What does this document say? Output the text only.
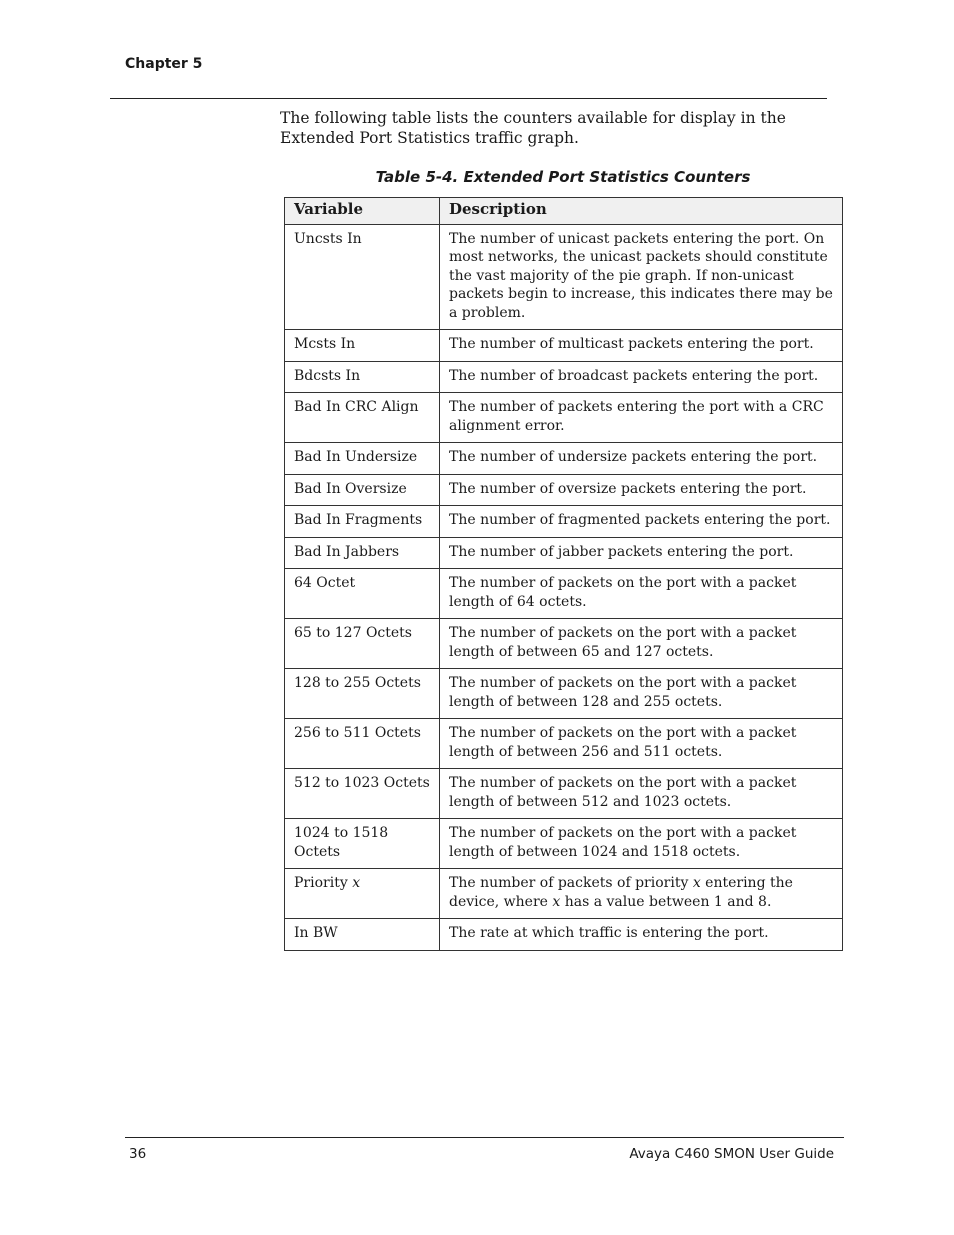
Chapter 5

The following table lists the counters available for display in the Extended Port Statistics traffic graph.

Table 5-4. Extended Port Statistics Counters
Variable	Description
Uncsts In	The number of unicast packets entering the port. On most networks, the unicast packets should constitute the vast majority of the pie graph. If non-unicast packets begin to increase, this indicates there may be a problem.
Mcsts In	The number of multicast packets entering the port.
Bdcsts In	The number of broadcast packets entering the port.
Bad In CRC Align	The number of packets entering the port with a CRC alignment error.
Bad In Undersize	The number of undersize packets entering the port.
Bad In Oversize	The number of oversize packets entering the port.
Bad In Fragments	The number of fragmented packets entering the port.
Bad In Jabbers	The number of jabber packets entering the port.
64 Octet	The number of packets on the port with a packet length of 64 octets.
65 to 127 Octets	The number of packets on the port with a packet length of between 65 and 127 octets.
128 to 255 Octets	The number of packets on the port with a packet length of between 128 and 255 octets.
256 to 511 Octets	The number of packets on the port with a packet length of between 256 and 511 octets.
512 to 1023 Octets	The number of packets on the port with a packet length of between 512 and 1023 octets.
1024 to 1518 Octets	The number of packets on the port with a packet length of between 1024 and 1518 octets.
Priority x	The number of packets of priority x entering the device, where x has a value between 1 and 8.
In BW	The rate at which traffic is entering the port.
36	Avaya C460 SMON User Guide
